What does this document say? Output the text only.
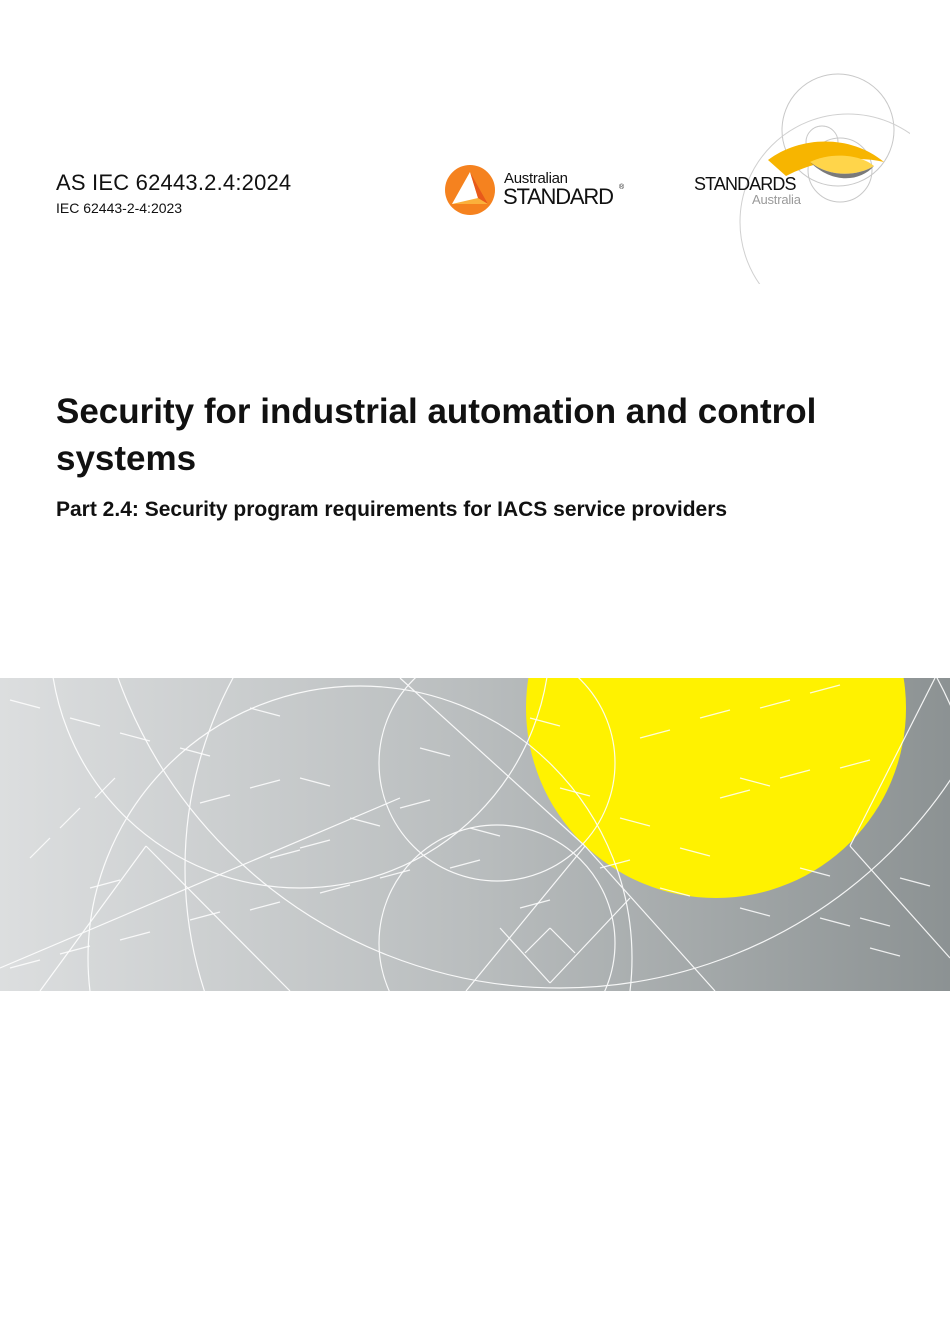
AS IEC 62443.2.4:2024

IEC 62443-2-4:2023

Australian
STANDARD ®	STANDARDS
Australia
Security for industrial automation and control systems
Part 2.4: Security program requirements for IACS service providers
